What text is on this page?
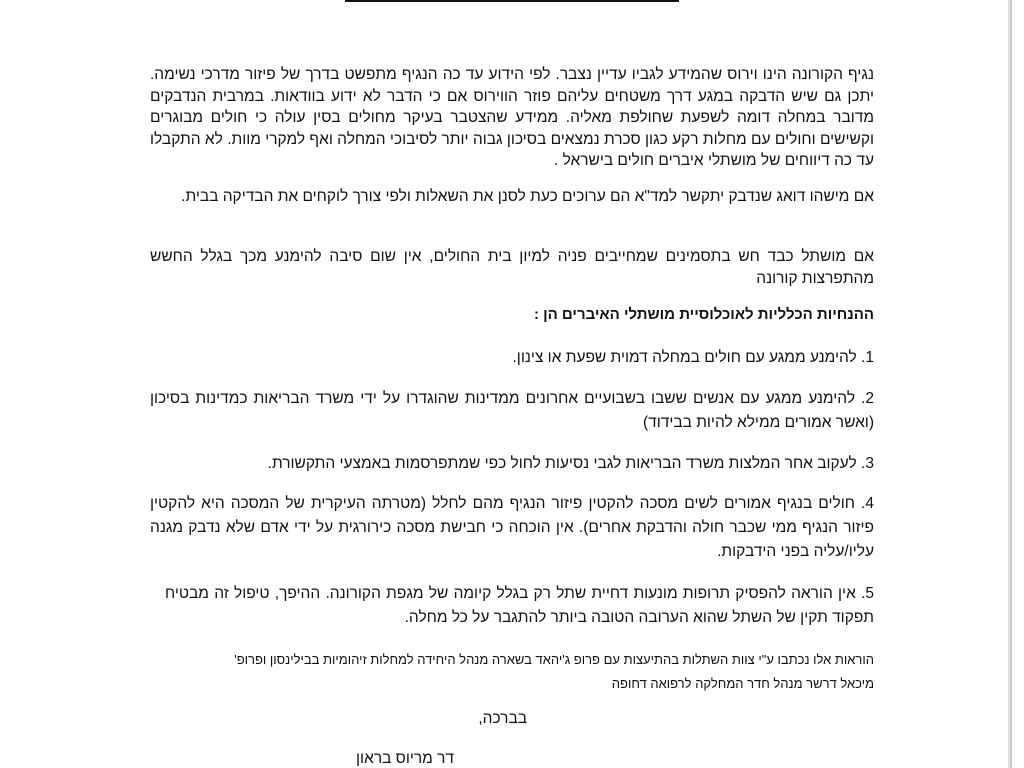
נגיף הקורונה הינו וירוס שהמידע לגביו עדיין נצבר. לפי הידוע עד כה הנגיף מתפשט בדרך של פיזור מדרכי נשימה. יתכן גם שיש הדבקה במגע דרך משטחים עליהם פוזר הווירוס אם כי הדבר לא ידוע בוודאות. במרבית הנדבקים מדובר במחלה דומה לשפעת שחולפת מאליה. ממידע שהצטבר בעיקר מחולים בסין עולה כי חולים מבוגרים וקשישים וחולים עם מחלות רקע כגון סכרת נמצאים בסיכון גבוה יותר לסיבוכי המחלה ואף למקרי מוות. לא התקבלו עד כה דיווחים של מושתלי איברים חולים בישראל .

אם מישהו דואג שנדבק יתקשר למד"א הם ערוכים כעת לסנן את השאלות ולפי צורך לוקחים את הבדיקה בבית.

אם מושתל כבד חש בתסמינים שמחייבים פניה למיון בית החולים, אין שום סיבה להימנע מכך בגלל החשש מהתפרצות קורונה

ההנחיות הכלליות לאוכלוסיית מושתלי האיברים הן :

1. להימנע ממגע עם חולים במחלה דמוית שפעת או צינון.

2. להימנע ממגע עם אנשים ששבו בשבועיים אחרונים ממדינות שהוגדרו על ידי משרד הבריאות כמדינות בסיכון (ואשר אמורים ממילא להיות בבידוד)

3. לעקוב אחר המלצות משרד הבריאות לגבי נסיעות לחול כפי שמתפרסמות באמצעי התקשורת.

4. חולים בנגיף אמורים לשים מסכה להקטין פיזור הנגיף מהם לחלל (מטרתה העיקרית של המסכה היא להקטין פיזור הנגיף ממי שכבר חולה והדבקת אחרים). אין הוכחה כי חבישת מסכה כירורגית על ידי אדם שלא נדבק מגנה עליו/עליה בפני הידבקות.

5. אין הוראה להפסיק תרופות מונעות דחיית שתל רק בגלל קיומה של מגפת הקורונה. ההיפך, טיפול זה מבטיח תפקוד תקין של השתל שהוא הערובה הטובה ביותר להתגבר על כל מחלה.

הוראות אלו נכתבו ע"י צוות השתלות בהתיעצות עם פרופ ג'יהאד בשארה מנהל היחידה למחלות זיהומיות בבילינסון ופרופ' מיכאל דרשר מנהל חדר המחלקה לרפואה דחופה

בברכה,

דר מריוס בראון
